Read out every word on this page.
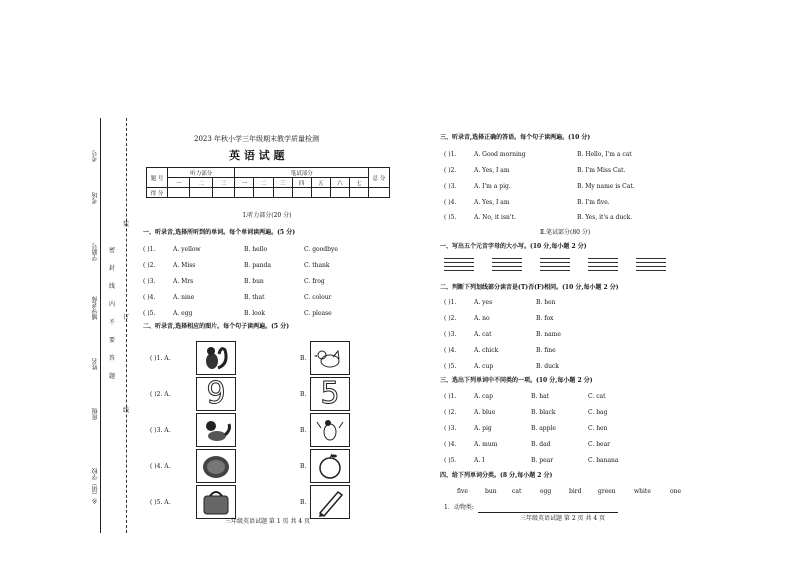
考号
考场
学籍号
辅导老师
姓名
班级
乡（镇）学校
装
订
线
密
封
线
内
不
要
答
题
2023 年秋小学三年级期末教学质量检测
英 语 试 题
题 号	听力部分			笔试部分							总 分
	一	二	三	一	二	三	四	五	六	七	
得 分											
Ⅰ.听力部分(20 分)
一、听录音,选择所听到的单词。每个单词读两遍。(5 分)
( )1.	A. yellow	B. hello	C. goodbye
( )2.	A. Miss	B. panda	C. thank
( )3.	A. Mrs	B. bun	C. frog
( )4.	A. nine	B. that	C. colour
( )5.	A. egg	B. look	C. please
二、听录音,选择相应的图片。每个句子读两遍。(5 分)
( )1. A.	B.
( )2. A.	9	B. 5
( )3. A.	B.
( )4. A.	B.
( )5. A.	B.
三年级英语试题 第 1 页 共 4 页
三、听录音,选择正确的答语。每个句子读两遍。(10 分)
( )1.	A. Good morning	B. Hello, I'm a cat
( )2.	A. Yes, I am	B. I'm Miss Cat.
( )3.	A. I'm a pig.	B. My name is Cat.
( )4.	A. Yes, I am	B. I'm five.
( )5.	A. No, it isn't.	B. Yes, it's a duck.
Ⅱ.笔试部分(80 分)
一、写出五个元音字母的大小写。(10 分,每小题 2 分)
二、判断下列划线部分读音是(T)否(F)相同。(10 分,每小题 2 分)
( )1.	A. yes	B. hen
( )2.	A. no	B. fox
( )3.	A. cat	B. name
( )4.	A. chick	B. fine
( )5.	A. cup	B. duck
三、选出下列单词中不同类的一项。(10 分,每小题 2 分)
( )1.	A. cap	B. hat	C. cat
( )2.	A. blue	B. black	C. bag
( )3.	A. pig	B. apple	C. hen
( )4.	A. mum	B. dad	C. bear
( )5.	A. I	B. pear	C. banana
四、给下列单词分类。(8 分,每小题 2 分)
five	bun	cat	egg	bird	green	white	one
1．动物类:
三年级英语试题 第 2 页 共 4 页
